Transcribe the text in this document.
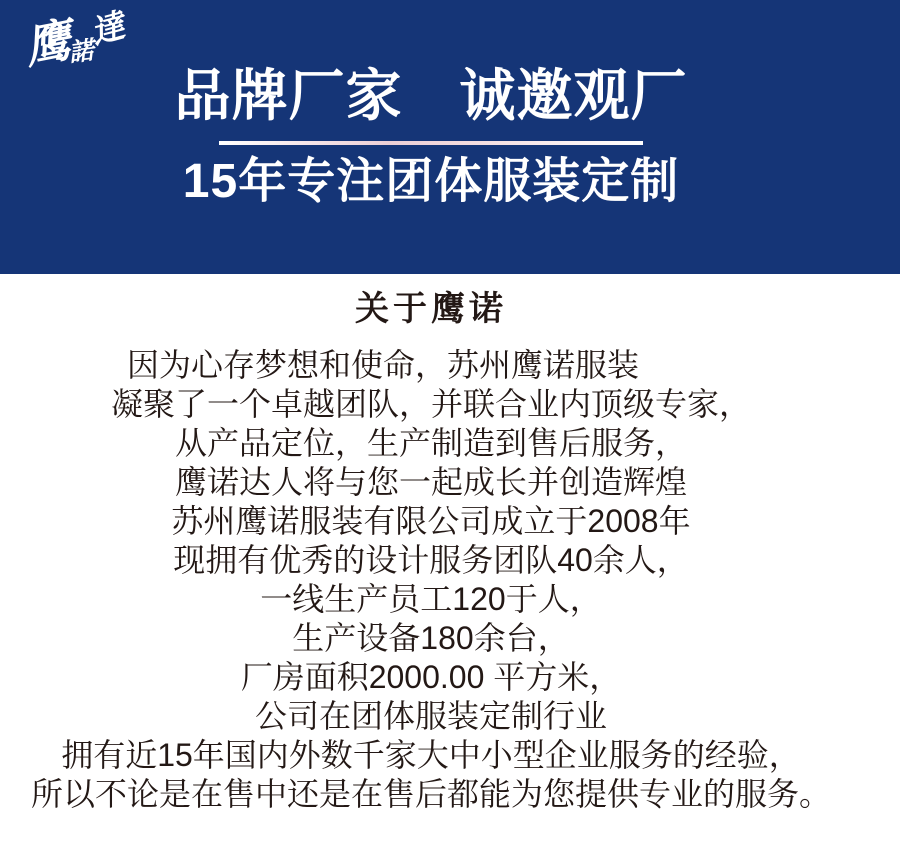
鹰諾達
品牌厂家　诚邀观厂
15年专注团体服装定制
关于鹰诺
因为心存梦想和使命，苏州鹰诺服装
凝聚了一个卓越团队，并联合业内顶级专家，
从产品定位，生产制造到售后服务，
鹰诺达人将与您一起成长并创造辉煌
苏州鹰诺服装有限公司成立于2008年
现拥有优秀的设计服务团队40余人，
一线生产员工120于人，
生产设备180余台，
厂房面积2000.00 平方米，
公司在团体服装定制行业
拥有近15年国内外数千家大中小型企业服务的经验，
所以不论是在售中还是在售后都能为您提供专业的服务。
